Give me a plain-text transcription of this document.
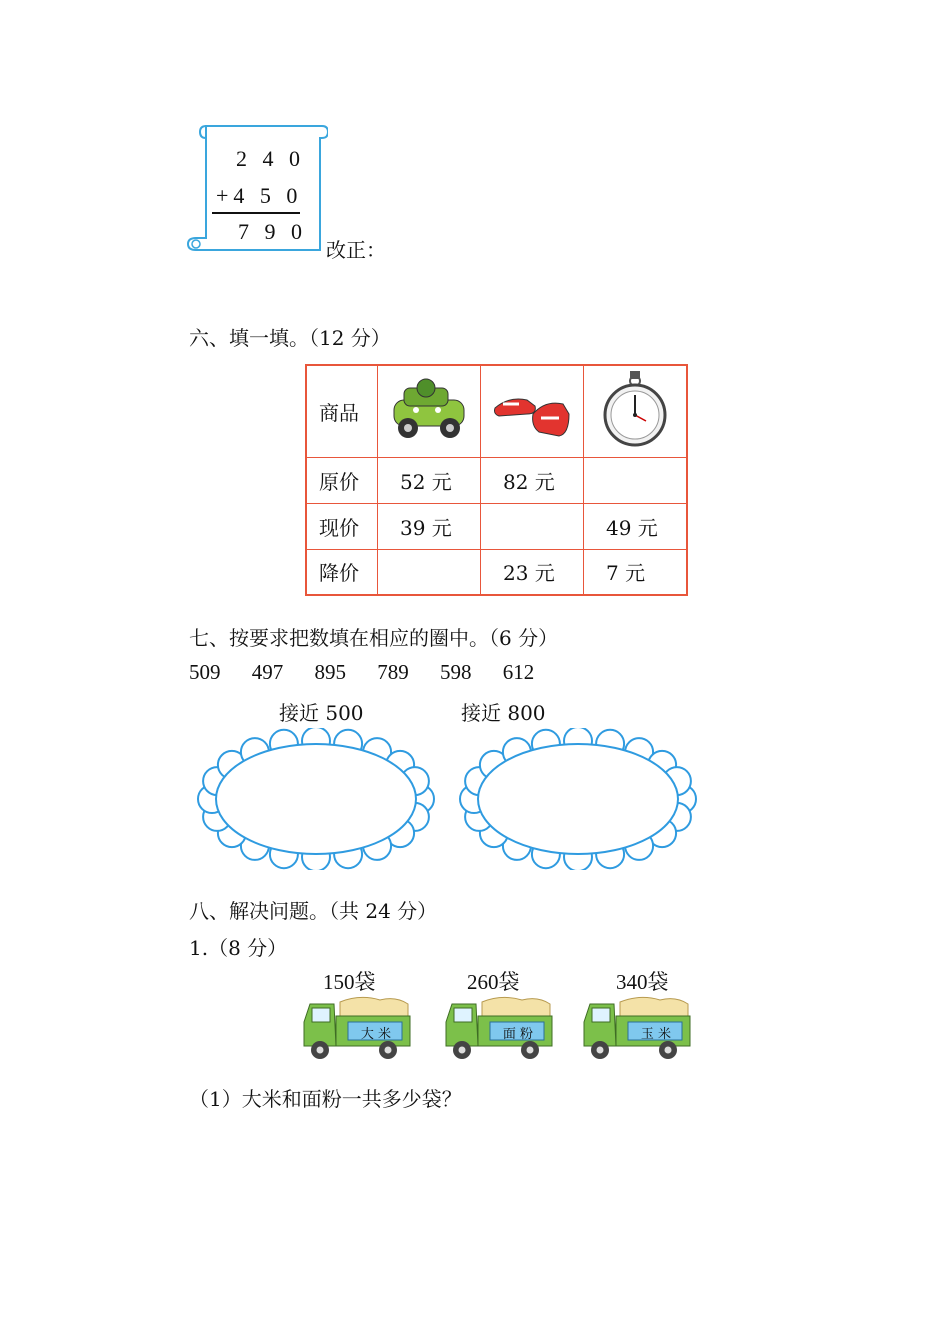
2 4 0
+4 5 0
7 9 0
改正：
六、填一填。（12 分）
商品			
原价	52 元	82 元	
现价	39 元		49 元
降价		23 元	7 元
七、按要求把数填在相应的圈中。（6 分）
509 497 895 789 598 612
接近 500	接近 800
八、解决问题。（共 24 分）
1.（8 分）
150袋	260袋	340袋
大 米	面 粉	玉 米
（1）大米和面粉一共多少袋？
